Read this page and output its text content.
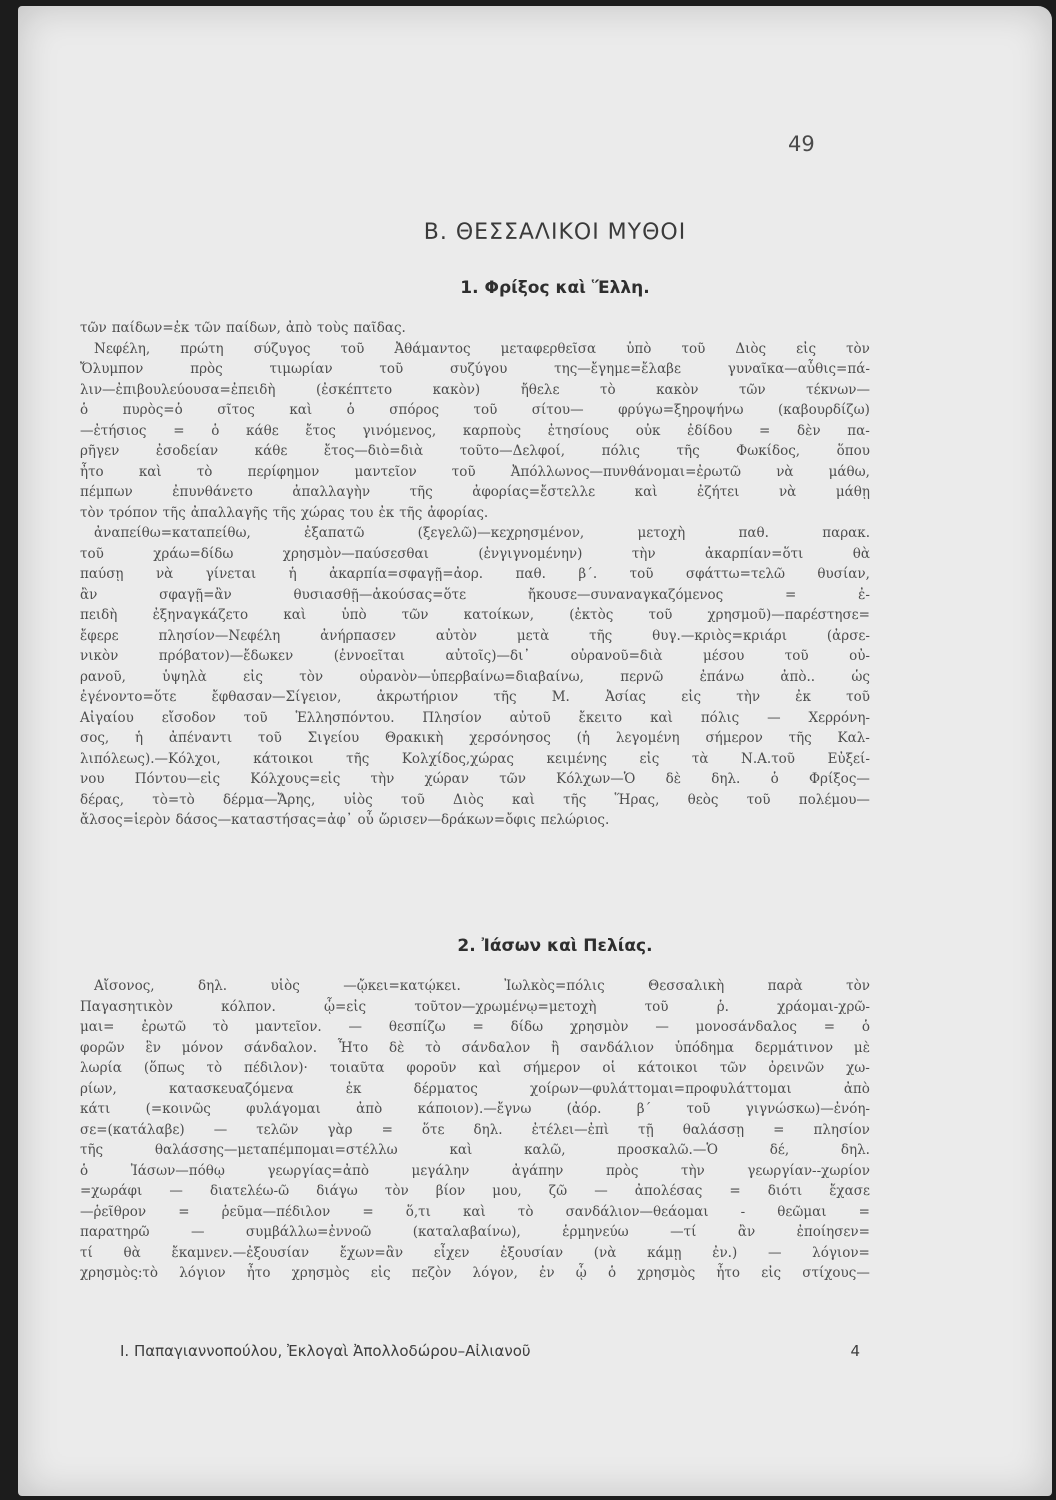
49
Β. ΘΕΣΣΑΛΙΚΟΙ ΜΥΘΟΙ
1. Φρίξος καὶ Ἕλλη.
τῶν παίδων=ἐκ τῶν παίδων, ἀπὸ τοὺς παῖδας.
Νεφέλη, πρώτη σύζυγος τοῦ Ἀθάμαντος μεταφερθεῖσα ὑπὸ τοῦ Διὸς εἰς τὸν
Ὄλυμπον	πρὸς	τιμωρίαν	τοῦ	συζύγου	της—ἔγημε=ἔλαβε	γυναῖκα—αὖθις=πά-
λιν—ἐπιβουλεύουσα=ἐπειδὴ	(ἐσκέπτετο	κακὸν)	ἤθελε	τὸ	κακὸν	τῶν	τέκνων—
ὁ	πυρὸς=ὁ	σῖτος	καὶ	ὁ	σπόρος	τοῦ	σίτου—	φρύγω=ξηροψήνω	(καβουρδίζω)
—ἐτήσιος = ὁ κάθε ἔτος γινόμενος, καρποὺς ἐτησίους οὐκ ἐδίδου = δὲν πα-
ρῆγεν	ἐσοδείαν	κάθε	ἔτος—διὸ=διὰ	τοῦτο—Δελφοί,	πόλις	τῆς	Φωκίδος,	ὅπου
ἦτο	καὶ	τὸ	περίφημον	μαντεῖον	τοῦ	Ἀπόλλωνος—πυνθάνομαι=ἐρωτῶ	νὰ	μάθω,
πέμπων	ἐπυνθάνετο	ἀπαλλαγὴν	τῆς	ἀφορίας=ἔστελλε	καὶ	ἐζήτει	νὰ	μάθῃ
τὸν τρόπον τῆς ἀπαλλαγῆς τῆς χώρας του ἐκ τῆς ἀφορίας.
ἀναπείθω=καταπείθω,	ἐξαπατῶ	(ξεγελῶ)—κεχρησμένον,	μετοχὴ	παθ.	παρακ.
τοῦ	χράω=δίδω	χρησμὸν—παύσεσθαι	(ἐνγιγνομένην)	τὴν	ἀκαρπίαν=ὅτι	θὰ
παύσῃ νὰ γίνεται ἡ ἀκαρπία=σφαγῇ=ἀορ. παθ. β΄. τοῦ σφάττω=τελῶ θυσίαν,
ἂν	σφαγῇ=ἂν	θυσιασθῇ—ἀκούσας=ὅτε	ἤκουσε—συναναγκαζόμενος	=	ἐ-
πειδὴ	ἐξηναγκάζετο	καὶ	ὑπὸ	τῶν	κατοίκων,	(ἐκτὸς	τοῦ	χρησμοῦ)—παρέστησε=
ἔφερε	πλησίον—Νεφέλη	ἀνήρπασεν	αὐτὸν	μετὰ	τῆς	θυγ.—κριὸς=κριάρι	(ἀρσε-
νικὸν	πρόβατον)—ἔδωκεν	(ἐννοεῖται	αὐτοῖς)—δι᾽	οὐρανοῦ=διὰ	μέσου	τοῦ	οὐ-
ρανοῦ,	ὑψηλὰ	εἰς	τὸν	οὐρανὸν—ὑπερβαίνω=διαβαίνω,	περνῶ	ἐπάνω	ἀπὸ..	ὡς
ἐγένοντο=ὅτε	ἔφθασαν—Σίγειον,	ἀκρωτήριον	τῆς	Μ.	Ἀσίας	εἰς	τὴν	ἐκ	τοῦ
Αἰγαίου εἴσοδον τοῦ Ἑλλησπόντου. Πλησίον αὐτοῦ ἔκειτο καὶ πόλις — Χερρόνη-
σος, ἡ ἀπέναντι τοῦ Σιγείου Θρακικὴ χερσόνησος (ἡ λεγομένη σήμερον τῆς Καλ-
λιπόλεως).—Κόλχοι, κάτοικοι τῆς Κολχίδος,χώρας κειμένης εἰς τὰ Ν.Α.τοῦ Εὐξεί-
νου Πόντου—εἰς Κόλχους=εἰς τὴν χώραν τῶν Κόλχων—Ὁ δὲ δηλ. ὁ Φρίξος—
δέρας, τὸ=τὸ δέρμα—Ἄρης, υἱὸς τοῦ Διὸς καὶ τῆς Ἥρας, θεὸς τοῦ πολέμου—
ἄλσος=ἱερὸν δάσος—καταστήσας=ἀφ᾽ οὗ ὥρισεν—δράκων=ὄφις πελώριος.
2. Ἰάσων καὶ Πελίας.
Αἴσονος,	δηλ.	υἱὸς	—ᾤκει=κατῴκει.	Ἰωλκὸς=πόλις	Θεσσαλικὴ	παρὰ	τὸν
Παγασητικὸν	κόλπον.	ᾧ=εἰς	τοῦτον—χρωμένῳ=μετοχὴ	τοῦ	ῥ.	χράομαι-χρῶ-
μαι= ἐρωτῶ τὸ μαντεῖον. — θεσπίζω = δίδω χρησμὸν — μονοσάνδαλος = ὁ
φορῶν ἓν μόνον σάνδαλον. Ἦτο δὲ τὸ σάνδαλον ἢ σανδάλιον ὑπόδημα δερμάτινον μὲ
λωρία (ὅπως τὸ πέδιλον)· τοιαῦτα φοροῦν καὶ σήμερον οἱ κάτοικοι τῶν ὀρεινῶν χω-
ρίων,	κατασκευαζόμενα	ἐκ	δέρματος	χοίρων—φυλάττομαι=προφυλάττομαι	ἀπὸ
κάτι	(=κοινῶς	φυλάγομαι	ἀπὸ	κάποιον).—ἔγνω	(ἀόρ.	β΄	τοῦ	γιγνώσκω)—ἐνόη-
σε=(κατάλαβε) — τελῶν γὰρ = ὅτε δηλ. ἐτέλει—ἐπὶ τῇ θαλάσσῃ = πλησίον
τῆς	θαλάσσης—μεταπέμπομαι=στέλλω	καὶ	καλῶ,	προσκαλῶ.—Ὁ	δέ,	δηλ.
ὁ	Ἰάσων—πόθῳ	γεωργίας=ἀπὸ	μεγάλην	ἀγάπην	πρὸς	τὴν	γεωργίαν--χωρίον
=χωράφι — διατελέω-ῶ διάγω τὸν βίον μου, ζῶ — ἀπολέσας = διότι ἔχασε
—ῥεῖθρον = ῥεῦμα—πέδιλον = ὅ,τι καὶ τὸ σανδάλιον—θεάομαι - θεῶμαι =
παρατηρῶ	—	συμβάλλω=ἐννοῶ	(καταλαβαίνω),	ἑρμηνεύω	—τί	ἂν	ἐποίησεν=
τί θὰ ἔκαμνεν.—ἐξουσίαν ἔχων=ἂν εἶχεν ἐξουσίαν (νὰ κάμῃ ἐν.) — λόγιον=
χρησμὸς:τὸ λόγιον ἦτο χρησμὸς εἰς πεζὸν λόγον, ἐν ᾧ ὁ χρησμὸς ἦτο εἰς στίχους—
Ι. Παπαγιαννοπούλου, Ἐκλογαὶ Ἀπολλοδώρου–Αἰλιανοῦ	4
